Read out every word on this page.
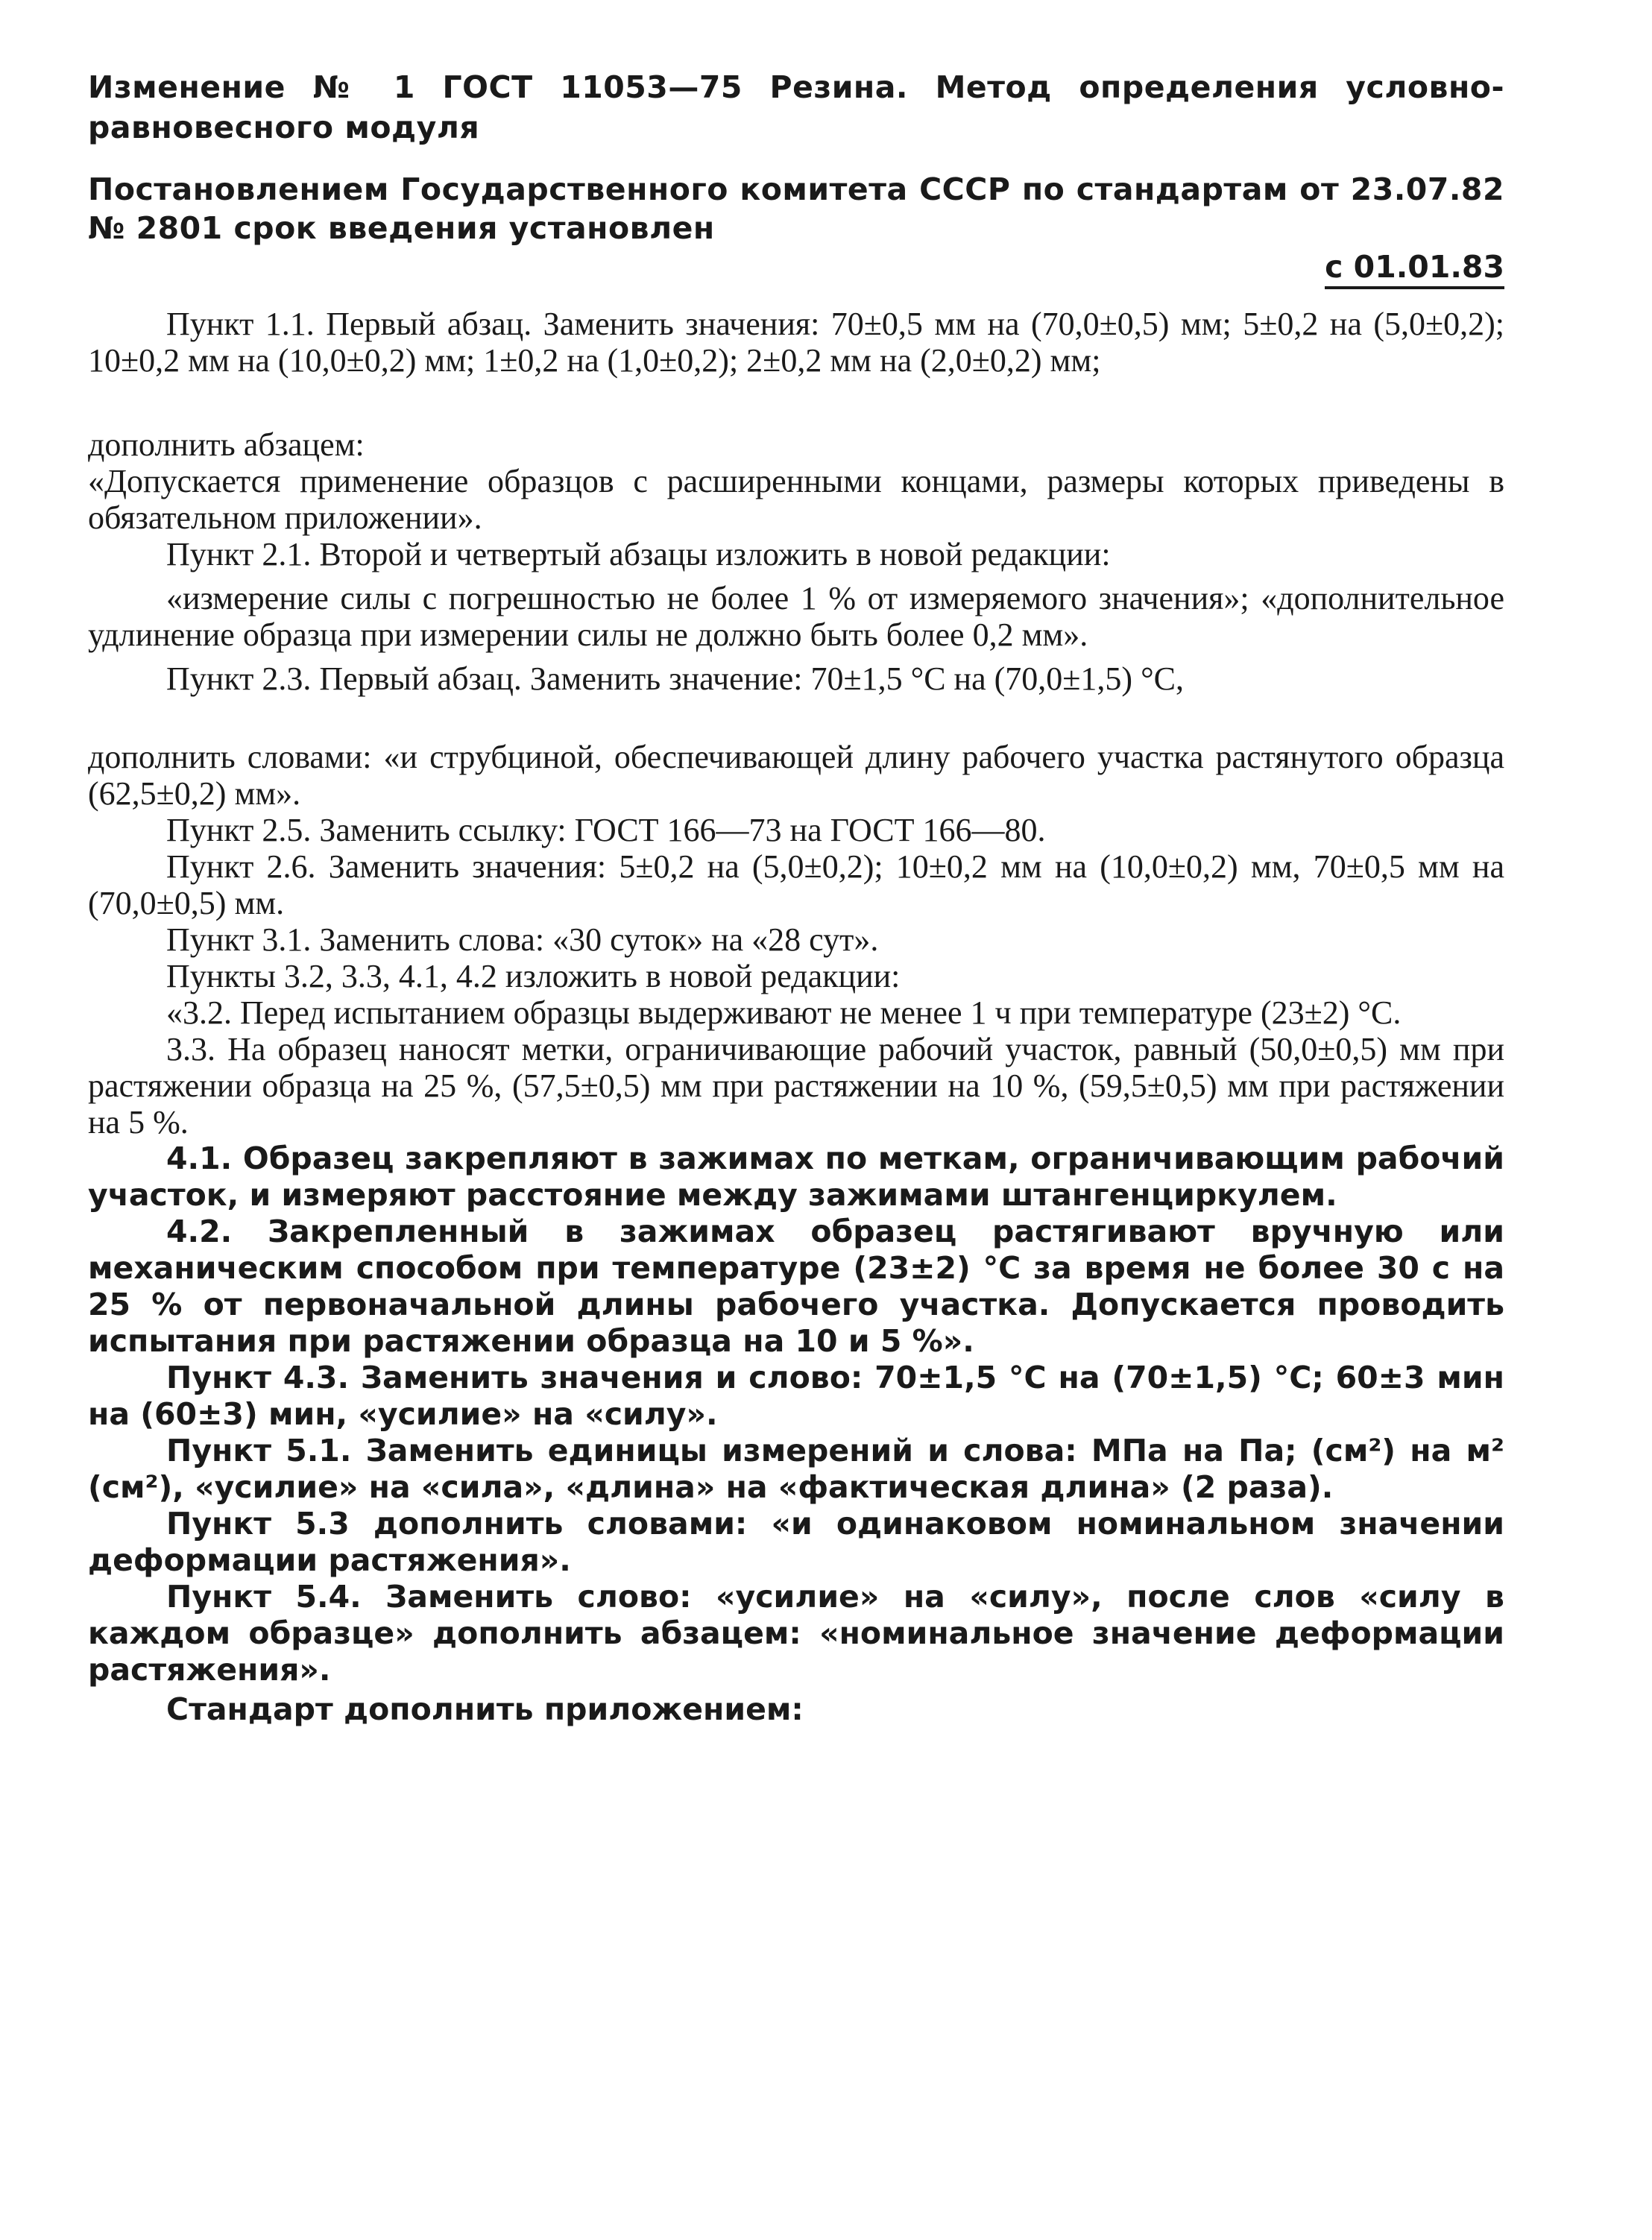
Изменение № 1 ГОСТ 11053—75 Резина. Метод определения условно-равновесного модуля

Постановлением Государственного комитета СССР по стандартам от 23.07.82 № 2801 срок введения установлен

с 01.01.83

Пункт 1.1. Первый абзац. Заменить значения: 70±0,5 мм на (70,0±0,5) мм; 5±0,2 на (5,0±0,2); 10±0,2 мм на (10,0±0,2) мм; 1±0,2 на (1,0±0,2); 2±0,2 мм на (2,0±0,2) мм;

дополнить абзацем:

«Допускается применение образцов с расширенными концами, размеры которых приведены в обязательном приложении».

Пункт 2.1. Второй и четвертый абзацы изложить в новой редакции:

«измерение силы с погрешностью не более 1 % от измеряемого значения»; «дополнительное удлинение образца при измерении силы не должно быть более 0,2 мм».

Пункт 2.3. Первый абзац. Заменить значение: 70±1,5 °С на (70,0±1,5) °С,

дополнить словами: «и струбциной, обеспечивающей длину рабочего участка растянутого образца (62,5±0,2) мм».

Пункт 2.5. Заменить ссылку: ГОСТ 166—73 на ГОСТ 166—80.

Пункт 2.6. Заменить значения: 5±0,2 на (5,0±0,2); 10±0,2 мм на (10,0±0,2) мм, 70±0,5 мм на (70,0±0,5) мм.

Пункт 3.1. Заменить слова: «30 суток» на «28 сут».

Пункты 3.2, 3.3, 4.1, 4.2 изложить в новой редакции:

«3.2. Перед испытанием образцы выдерживают не менее 1 ч при температуре (23±2) °С.

3.3. На образец наносят метки, ограничивающие рабочий участок, равный (50,0±0,5) мм при растяжении образца на 25 %, (57,5±0,5) мм при растяжении на 10 %, (59,5±0,5) мм при растяжении на 5 %.

4.1. Образец закрепляют в зажимах по меткам, ограничивающим рабочий участок, и измеряют расстояние между зажимами штангенциркулем.

4.2. Закрепленный в зажимах образец растягивают вручную или механическим способом при температуре (23±2) °С за время не более 30 с на 25 % от первоначальной длины рабочего участка. Допускается проводить испытания при растяжении образца на 10 и 5 %».

Пункт 4.3. Заменить значения и слово: 70±1,5 °С на (70±1,5) °С; 60±3 мин на (60±3) мин, «усилие» на «силу».

Пункт 5.1. Заменить единицы измерений и слова: МПа на Па; (см²) на м² (см²), «усилие» на «сила», «длина» на «фактическая длина» (2 раза).

Пункт 5.3 дополнить словами: «и одинаковом номинальном значении деформации растяжения».

Пункт 5.4. Заменить слово: «усилие» на «силу», после слов «силу в каждом образце» дополнить абзацем: «номинальное значение деформации растяжения».

Стандарт дополнить приложением:
